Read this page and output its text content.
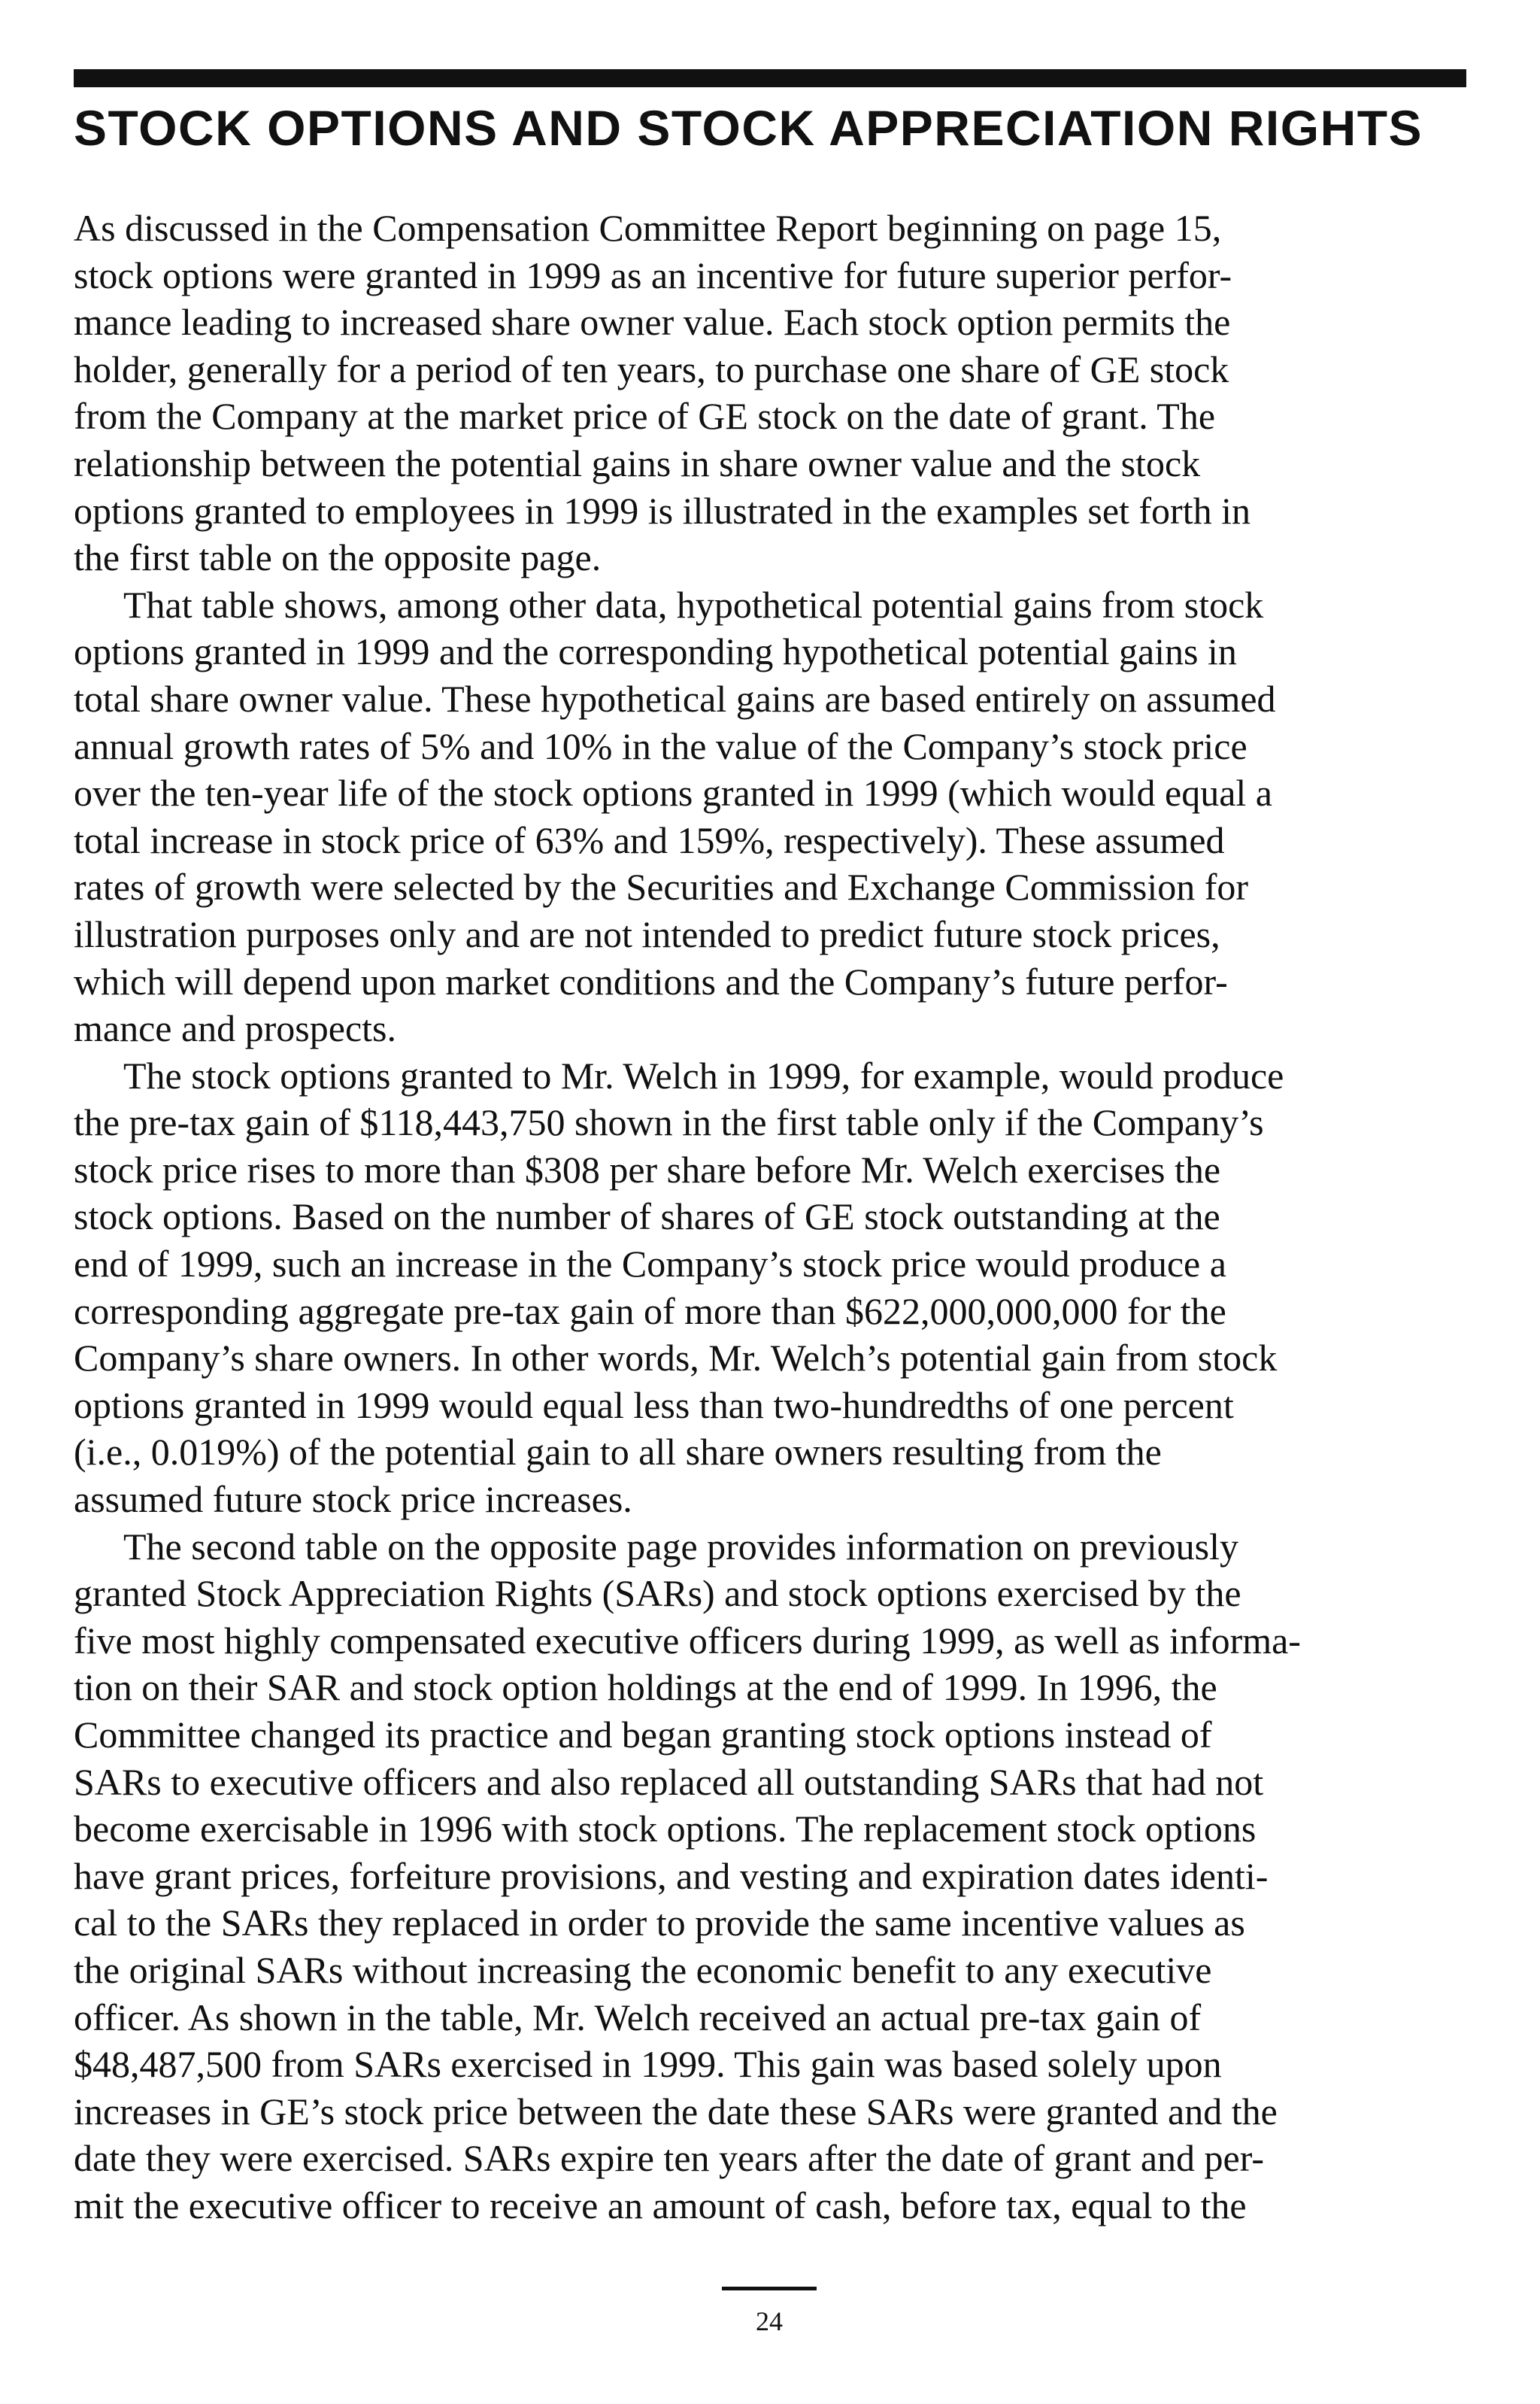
STOCK OPTIONS AND STOCK APPRECIATION RIGHTS

As discussed in the Compensation Committee Report beginning on page 15,
stock options were granted in 1999 as an incentive for future superior perfor-
mance leading to increased share owner value. Each stock option permits the
holder, generally for a period of ten years, to purchase one share of GE stock
from the Company at the market price of GE stock on the date of grant. The
relationship between the potential gains in share owner value and the stock
options granted to employees in 1999 is illustrated in the examples set forth in
the first table on the opposite page.

That table shows, among other data, hypothetical potential gains from stock
options granted in 1999 and the corresponding hypothetical potential gains in
total share owner value. These hypothetical gains are based entirely on assumed
annual growth rates of 5% and 10% in the value of the Company’s stock price
over the ten-year life of the stock options granted in 1999 (which would equal a
total increase in stock price of 63% and 159%, respectively). These assumed
rates of growth were selected by the Securities and Exchange Commission for
illustration purposes only and are not intended to predict future stock prices,
which will depend upon market conditions and the Company’s future perfor-
mance and prospects.

The stock options granted to Mr. Welch in 1999, for example, would produce
the pre-tax gain of $118,443,750 shown in the first table only if the Company’s
stock price rises to more than $308 per share before Mr. Welch exercises the
stock options. Based on the number of shares of GE stock outstanding at the
end of 1999, such an increase in the Company’s stock price would produce a
corresponding aggregate pre-tax gain of more than $622,000,000,000 for the
Company’s share owners. In other words, Mr. Welch’s potential gain from stock
options granted in 1999 would equal less than two-hundredths of one percent
(i.e., 0.019%) of the potential gain to all share owners resulting from the
assumed future stock price increases.

The second table on the opposite page provides information on previously
granted Stock Appreciation Rights (SARs) and stock options exercised by the
five most highly compensated executive officers during 1999, as well as informa-
tion on their SAR and stock option holdings at the end of 1999. In 1996, the
Committee changed its practice and began granting stock options instead of
SARs to executive officers and also replaced all outstanding SARs that had not
become exercisable in 1996 with stock options. The replacement stock options
have grant prices, forfeiture provisions, and vesting and expiration dates identi-
cal to the SARs they replaced in order to provide the same incentive values as
the original SARs without increasing the economic benefit to any executive
officer. As shown in the table, Mr. Welch received an actual pre-tax gain of
$48,487,500 from SARs exercised in 1999. This gain was based solely upon
increases in GE’s stock price between the date these SARs were granted and the
date they were exercised. SARs expire ten years after the date of grant and per-
mit the executive officer to receive an amount of cash, before tax, equal to the

24
